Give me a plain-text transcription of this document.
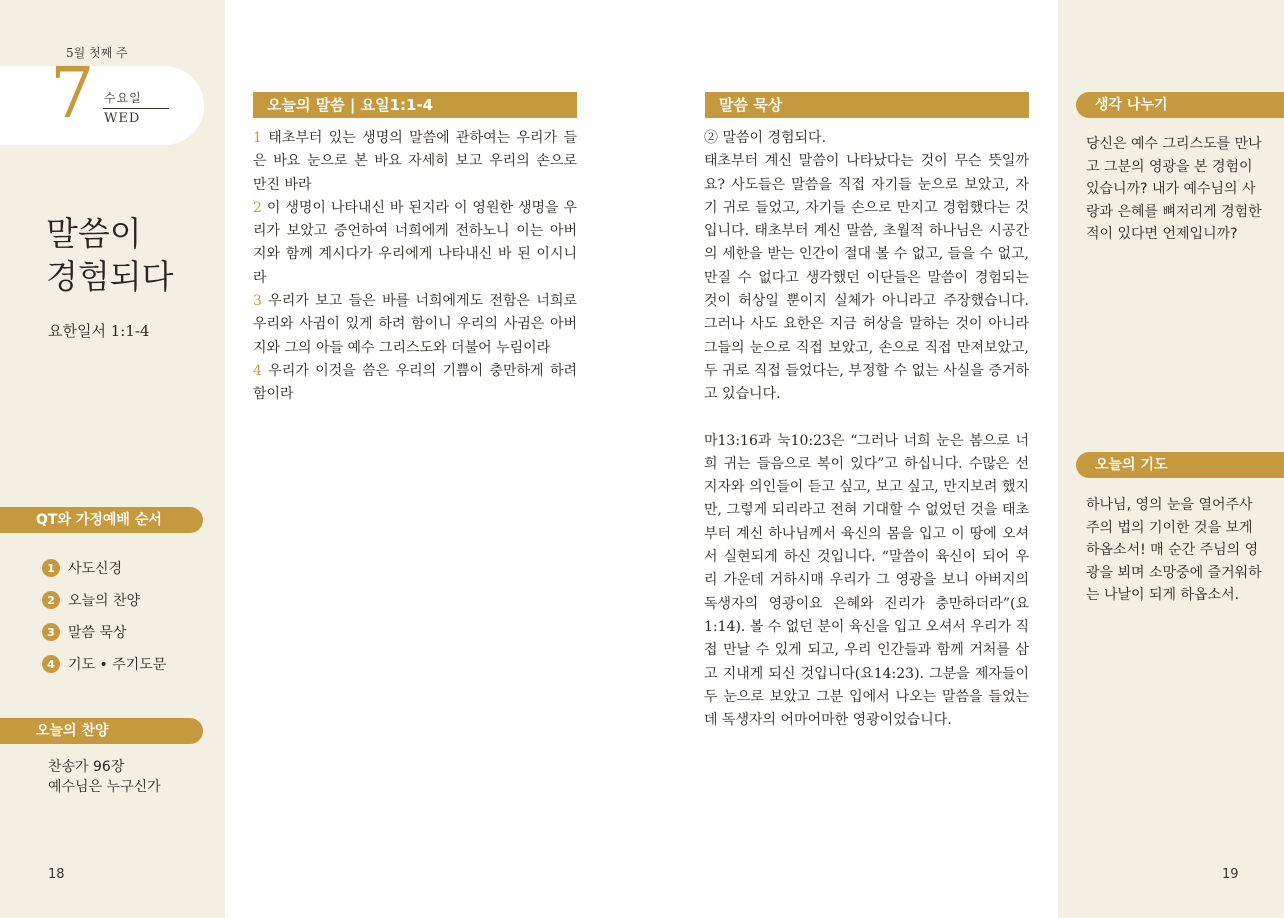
5월 첫째 주
7 수요일
WED
말씀이
경험되다
요한일서 1:1-4
QT와 가정예배 순서
1 사도신경
2 오늘의 찬양
3 말씀 묵상
4 기도 • 주기도문
오늘의 찬양
찬송가 96장
예수님은 누구신가
18
오늘의 말씀 | 요일1:1-4
1 태초부터 있는 생명의 말씀에 관하여는 우리가 들은 바요 눈으로 본 바요 자세히 보고 우리의 손으로 만진 바라
2 이 생명이 나타내신 바 된지라 이 영원한 생명을 우리가 보았고 증언하여 너희에게 전하노니 이는 아버지와 함께 계시다가 우리에게 나타내신 바 된 이시니라
3 우리가 보고 들은 바를 너희에게도 전함은 너희로 우리와 사귐이 있게 하려 함이니 우리의 사귐은 아버지와 그의 아들 예수 그리스도와 더불어 누림이라
4 우리가 이것을 씀은 우리의 기쁨이 충만하게 하려 함이라
말씀 묵상

② 말씀이 경험되다.

태초부터 계신 말씀이 나타났다는 것이 무슨 뜻일까요? 사도들은 말씀을 직접 자기들 눈으로 보았고, 자기 귀로 들었고, 자기들 손으로 만지고 경험했다는 것입니다. 태초부터 계신 말씀, 초월적 하나님은 시공간의 세한을 받는 인간이 절대 볼 수 없고, 들을 수 없고, 만질 수 없다고 생각했던 이단들은 말씀이 경험되는 것이 허상일 뿐이지 실체가 아니라고 주장했습니다. 그러나 사도 요한은 지금 허상을 말하는 것이 아니라 그들의 눈으로 직접 보았고, 손으로 직접 만져보았고, 두 귀로 직접 들었다는, 부정할 수 없는 사실을 증거하고 있습니다.

마13:16과 눅10:23은 “그러나 너희 눈은 봄으로 너희 귀는 들음으로 복이 있다”고 하십니다. 수많은 선지자와 의인들이 듣고 싶고, 보고 싶고, 만지보려 했지만, 그렇게 되리라고 전혀 기대할 수 없었던 것을 태초부터 계신 하나님께서 육신의 몸을 입고 이 땅에 오셔서 실현되게 하신 것입니다. “말씀이 육신이 되어 우리 가운데 거하시매 우리가 그 영광을 보니 아버지의 독생자의 영광이요 은혜와 진리가 충만하더라”(요1:14). 볼 수 없던 분이 육신을 입고 오셔서 우리가 직접 만날 수 있게 되고, 우리 인간들과 함께 거처를 삼고 지내게 되신 것입니다(요14:23). 그분을 제자들이 두 눈으로 보았고 그분 입에서 나오는 말씀을 들었는데 독생자의 어마어마한 영광이었습니다.

생각 나누기
당신은 예수 그리스도를 만나고 그분의 영광을 본 경험이 있습니까? 내가 예수님의 사랑과 은혜를 뼈저리게 경험한 적이 있다면 언제입니까?
오늘의 기도
하나님, 영의 눈을 열어주사 주의 법의 기이한 것을 보게 하옵소서! 매 순간 주님의 영광을 뵈며 소망중에 즐거워하는 나날이 되게 하옵소서.
19
